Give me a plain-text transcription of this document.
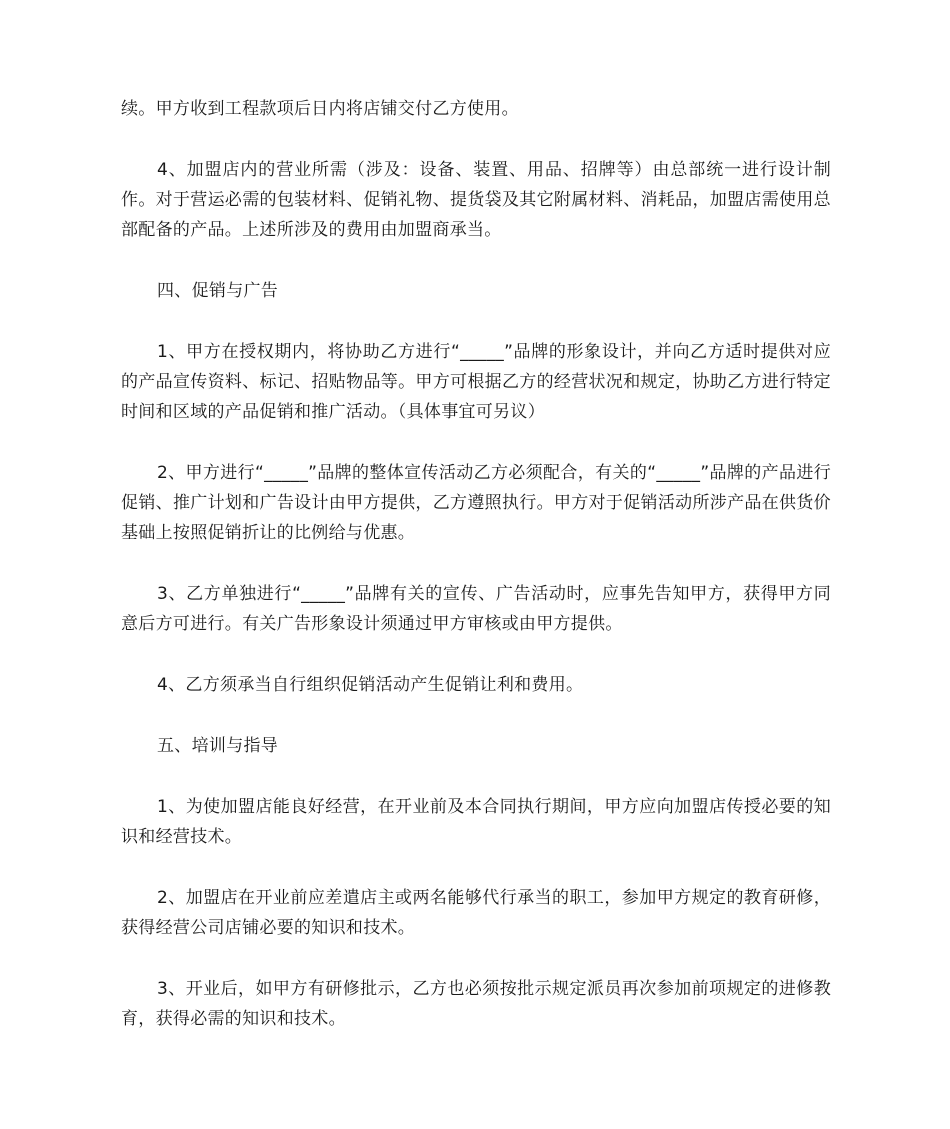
续。甲方收到工程款项后日内将店铺交付乙方使用。

4、加盟店内的营业所需（涉及：设备、装置、用品、招牌等）由总部统一进行设计制作。对于营运必需的包装材料、促销礼物、提货袋及其它附属材料、消耗品，加盟店需使用总部配备的产品。上述所涉及的费用由加盟商承当。

四、促销与广告

1、甲方在授权期内，将协助乙方进行“_____”品牌的形象设计，并向乙方适时提供对应的产品宣传资料、标记、招贴物品等。甲方可根据乙方的经营状况和规定，协助乙方进行特定时间和区域的产品促销和推广活动。（具体事宜可另议）

2、甲方进行“_____”品牌的整体宣传活动乙方必须配合，有关的“_____”品牌的产品进行促销、推广计划和广告设计由甲方提供，乙方遵照执行。甲方对于促销活动所涉产品在供货价基础上按照促销折让的比例给与优惠。

3、乙方单独进行“_____”品牌有关的宣传、广告活动时，应事先告知甲方，获得甲方同意后方可进行。有关广告形象设计须通过甲方审核或由甲方提供。

4、乙方须承当自行组织促销活动产生促销让利和费用。

五、培训与指导

1、为使加盟店能良好经营，在开业前及本合同执行期间，甲方应向加盟店传授必要的知识和经营技术。

2、加盟店在开业前应差遣店主或两名能够代行承当的职工，参加甲方规定的教育研修，获得经营公司店铺必要的知识和技术。

3、开业后，如甲方有研修批示，乙方也必须按批示规定派员再次参加前项规定的进修教育，获得必需的知识和技术。
